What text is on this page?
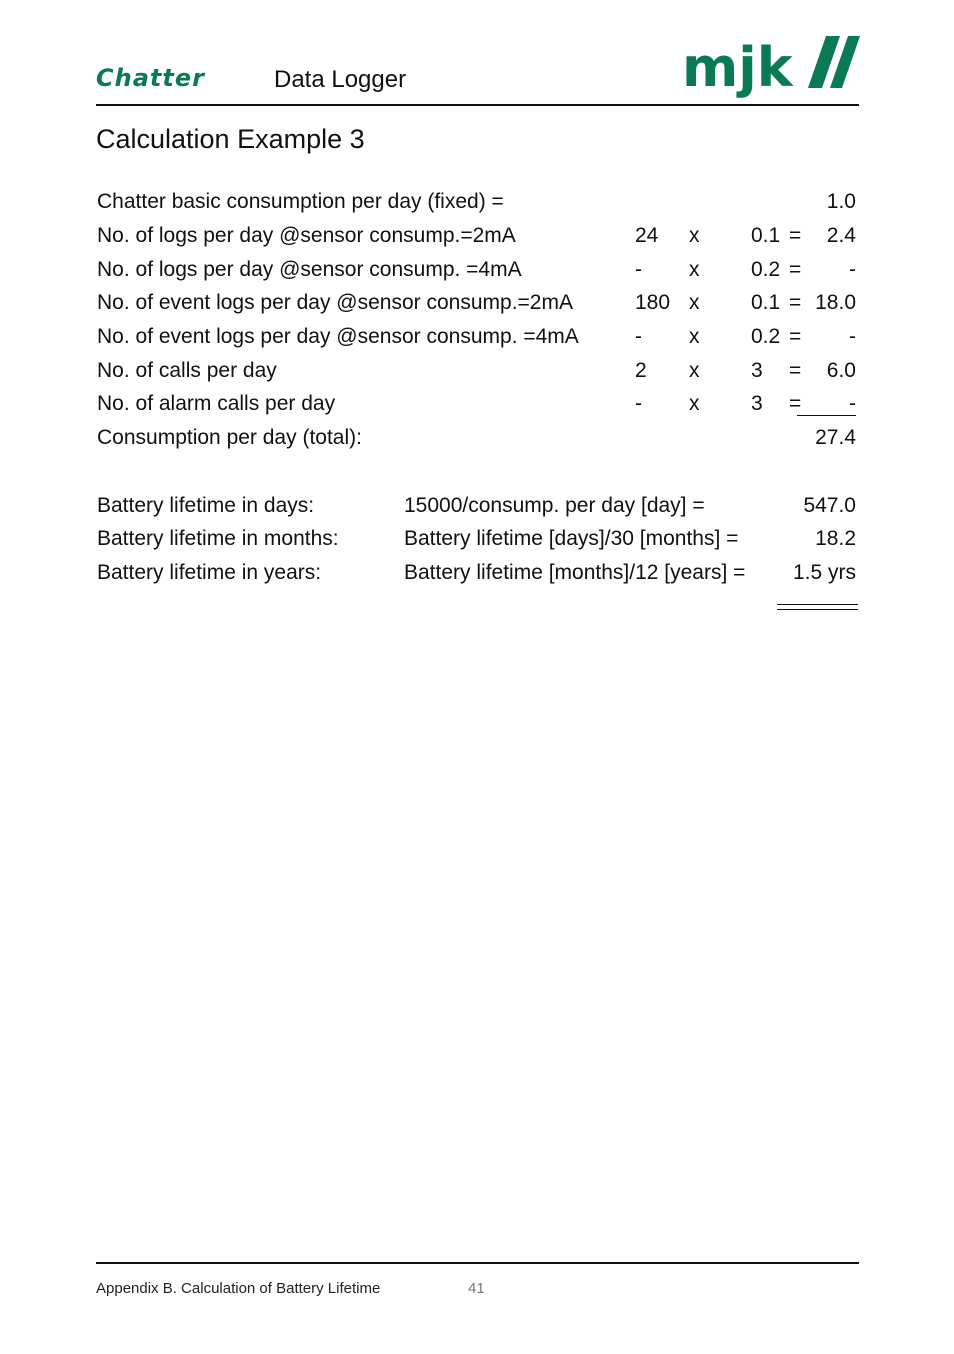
Chatter	Data Logger	mjk
Calculation Example 3
Chatter basic consumption per day (fixed) =	1.0
No. of logs per day @sensor consump.=2mA	24 x 0.1 = 2.4
No. of logs per day @sensor consump. =4mA	- x 0.2 = -
No. of event logs per day @sensor consump.=2mA	180 x 0.1 = 18.0
No. of event logs per day @sensor consump. =4mA	- x 0.2 = -
No. of calls per day	2 x 3 = 6.0
No. of alarm calls per day	- x 3 = -
Consumption per day (total):	27.4
Battery lifetime in days:	15000/consump. per day [day] =	547.0
Battery lifetime in months:	Battery lifetime [days]/30 [months] =	18.2
Battery lifetime in years:	Battery lifetime [months]/12 [years] = 1.5 yrs
Appendix B. Calculation of Battery Lifetime	41
